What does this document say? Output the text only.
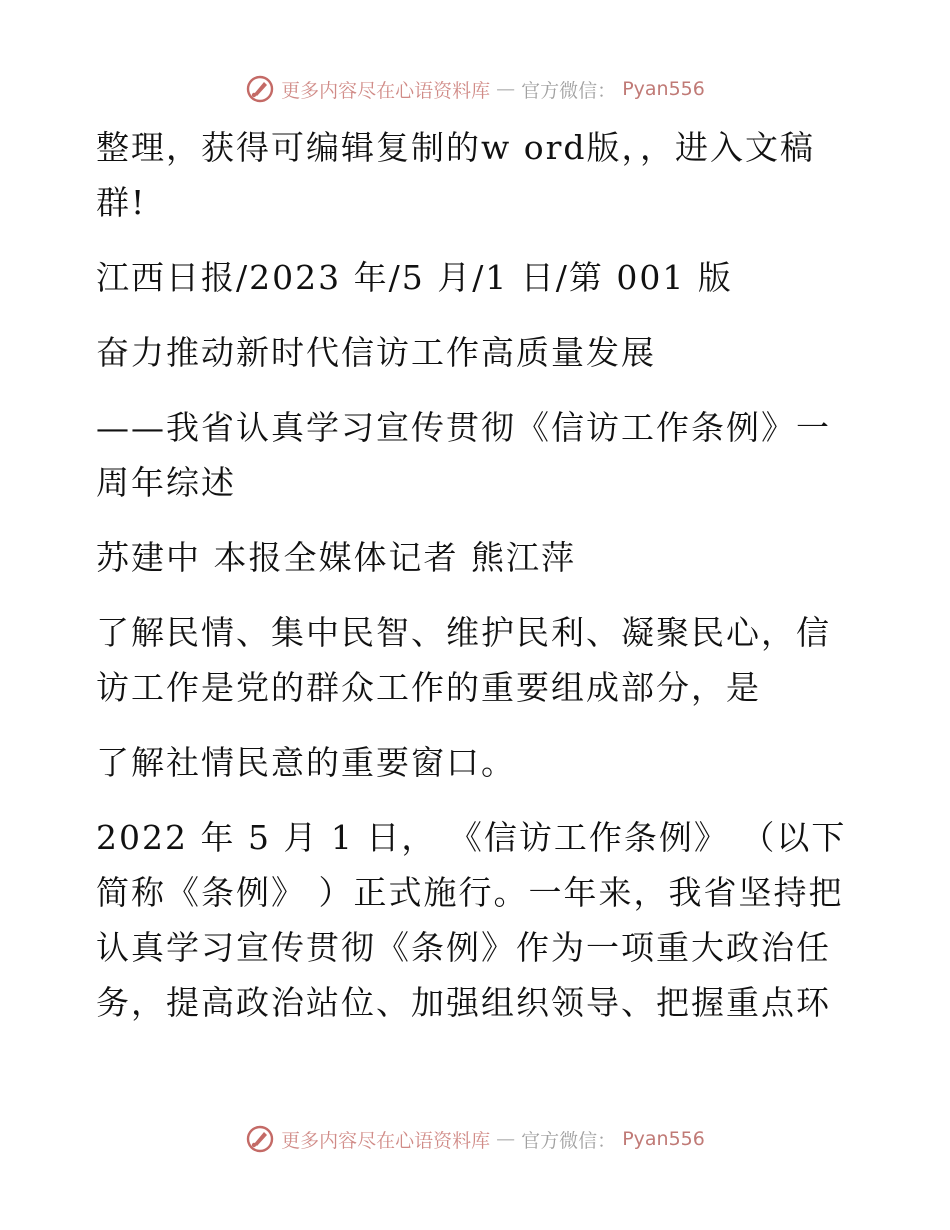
更多内容尽在心语资料库 — 官方微信： Pyan556

整理，获得可编辑复制的w ord版，，进入文稿群!

江西日报/2023 年/5 月/1 日/第 001 版

奋力推动新时代信访工作高质量发展

——我省认真学习宣传贯彻《信访工作条例》一周年综述

苏建中 本报全媒体记者 熊江萍

了解民情、集中民智、维护民利、凝聚民心，信访工作是党的群众工作的重要组成部分，是

了解社情民意的重要窗口。

2022 年 5 月 1 日， 《信访工作条例》 （以下简称《条例》 ）正式施行。一年来，我省坚持把认真学习宣传贯彻《条例》作为一项重大政治任务，提高政治站位、加强组织领导、把握重点环

更多内容尽在心语资料库 — 官方微信： Pyan556
